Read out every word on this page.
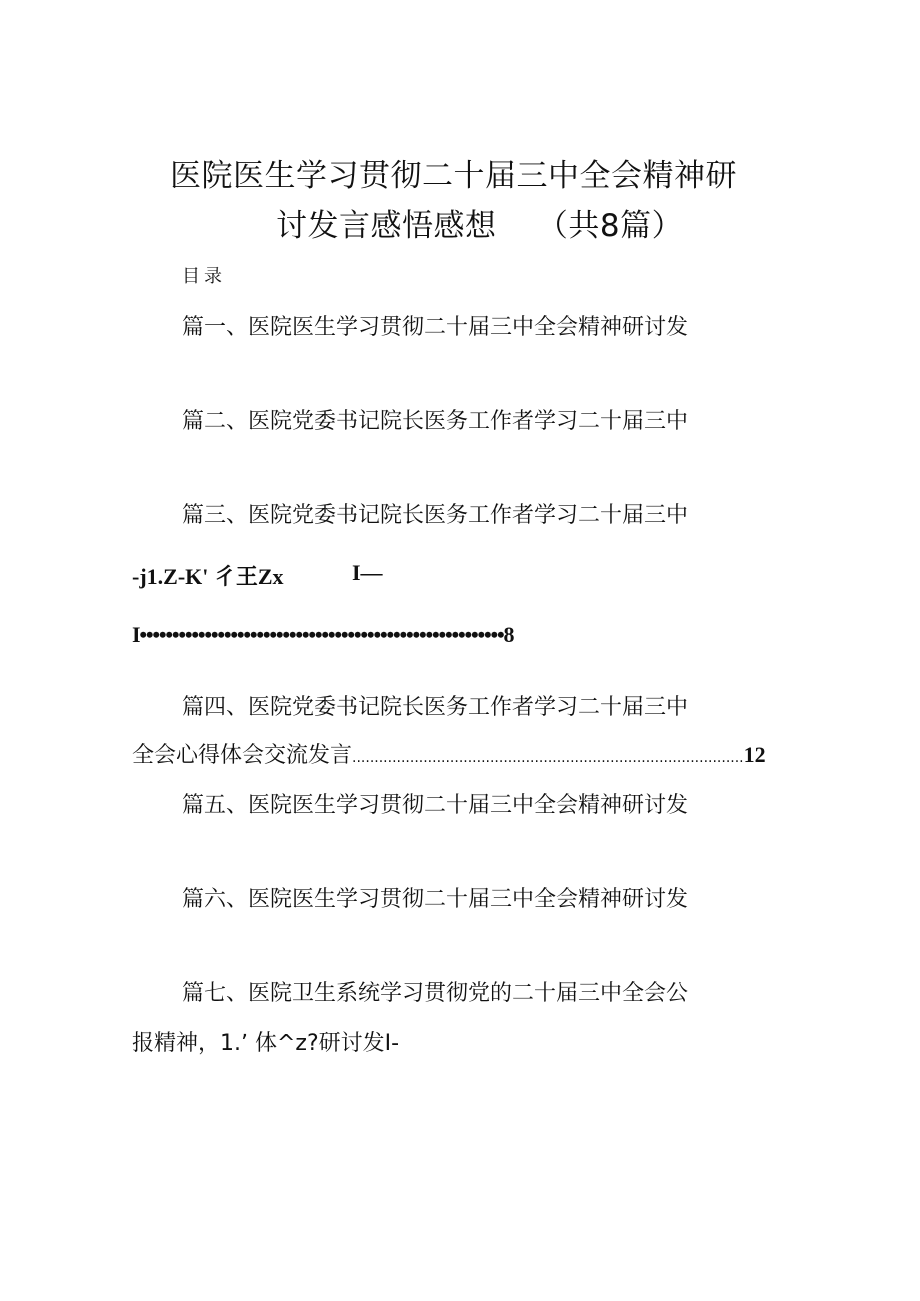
医院医生学习贯彻二十届三中全会精神研
讨发言感悟感想 （共8篇）
目录
篇一、医院医生学习贯彻二十届三中全会精神研讨发
篇二、医院党委书记院长医务工作者学习二十届三中
篇三、医院党委书记院长医务工作者学习二十届三中
-j1.Z-K' 彳王Zx	I—
I••••••••••••••••••••••••••••••••••••••••••••••••••••••••8
篇四、医院党委书记院长医务工作者学习二十届三中
全会心得体会交流发言........................................................................................12
篇五、医院医生学习贯彻二十届三中全会精神研讨发
篇六、医院医生学习贯彻二十届三中全会精神研讨发
篇七、医院卫生系统学习贯彻党的二十届三中全会公
报精神，1.ʼ 体^z?研讨发I-
